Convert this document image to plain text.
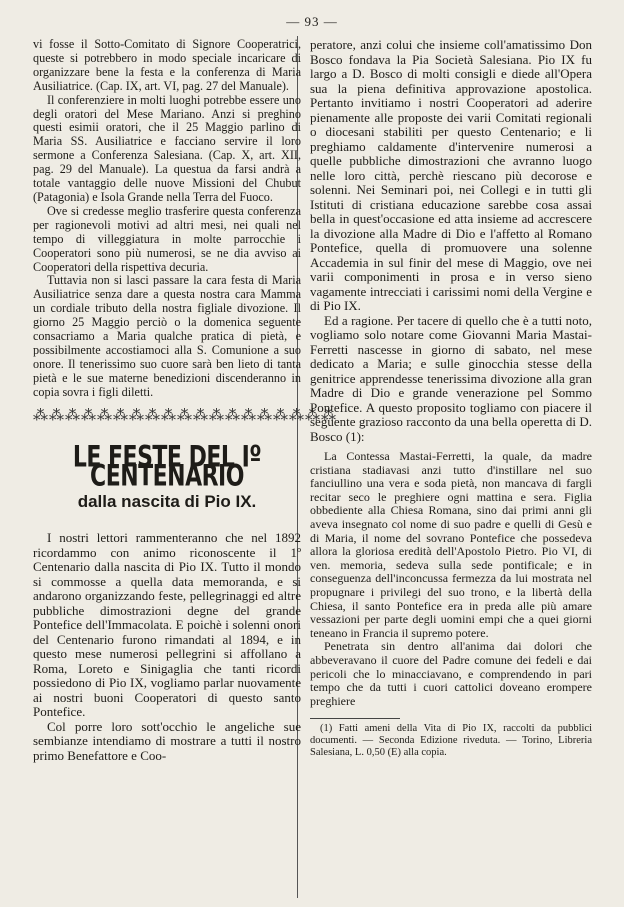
— 93 —

vi fosse il Sotto-Comitato di Signore Cooperatrici, queste si potrebbero in modo speciale incaricare di organizzare bene la festa e la conferenza di Maria Ausiliatrice. (Cap. IX, art. VI, pag. 27 del Manuale).

Il conferenziere in molti luoghi potrebbe essere uno degli oratori del Mese Mariano. Anzi si preghino questi esimii oratori, che il 25 Maggio parlino di Maria SS. Ausiliatrice e facciano servire il loro sermone a Conferenza Salesiana. (Cap. X, art. XII, pag. 29 del Manuale). La questua da farsi andrà a totale vantaggio delle nuove Missioni del Chubut (Patagonia) e Isola Grande nella Terra del Fuoco.

Ove si credesse meglio trasferire questa conferenza per ragionevoli motivi ad altri mesi, nei quali nel tempo di villeggiatura in molte parrocchie i Cooperatori sono più numerosi, se ne dia avviso ai Cooperatori della rispettiva decuria.

Tuttavia non si lasci passare la cara festa di Maria Ausiliatrice senza dare a questa nostra cara Mamma un cordiale tributo della nostra figliale divozione. Il giorno 25 Maggio perciò o la domenica seguente consacriamo a Maria qualche pratica di pietà, e possibilmente accostiamoci alla S. Comunione a suo onore. Il tenerissimo suo cuore sarà ben lieto di tanta pietà e le sue materne benedizioni discenderanno in copia sovra i figli diletti.

⁂⁂⁂⁂⁂⁂⁂⁂⁂⁂⁂⁂⁂⁂⁂⁂⁂⁂⁂
LE FESTE DEL Iº CENTENARIO
dalla nascita di Pio IX.

I nostri lettori rammenteranno che nel 1892 ricordammo con animo riconoscente il 1º Centenario dalla nascita di Pio IX. Tutto il mondo si commosse a quella data memoranda, e si andarono organizzando feste, pellegrinaggi ed altre pubbliche dimostrazioni degne del grande Pontefice dell'Immacolata. E poichè i solenni onori del Centenario furono rimandati al 1894, e in questo mese numerosi pellegrini si affollano a Roma, Loreto e Sinigaglia che tanti ricordi possiedono di Pio IX, vogliamo parlar nuovamente ai nostri buoni Cooperatori di questo santo Pontefice.

Col porre loro sott'occhio le angeliche sue sembianze intendiamo di mostrare a tutti il nostro primo Benefattore e Coo-

peratore, anzi colui che insieme coll'amatissimo Don Bosco fondava la Pia Società Salesiana. Pio IX fu largo a D. Bosco di molti consigli e diede all'Opera sua la piena definitiva approvazione apostolica. Pertanto invitiamo i nostri Cooperatori ad aderire pienamente alle proposte dei varii Comitati regionali o diocesani stabiliti per questo Centenario; e li preghiamo caldamente d'intervenire numerosi a quelle pubbliche dimostrazioni che avranno luogo nelle loro città, perchè riescano più decorose e solenni. Nei Seminari poi, nei Collegi e in tutti gli Istituti di cristiana educazione sarebbe cosa assai bella in quest'occasione ed atta insieme ad accrescere la divozione alla Madre di Dio e l'affetto al Romano Pontefice, quella di promuovere una solenne Accademia in sul finir del mese di Maggio, ove nei varii componimenti in prosa e in verso sieno vagamente intrecciati i carissimi nomi della Vergine e di Pio IX.

Ed a ragione. Per tacere di quello che è a tutti noto, vogliamo solo notare come Giovanni Maria Mastai-Ferretti nascesse in giorno di sabato, nel mese dedicato a Maria; e sulle ginocchia stesse della genitrice apprendesse tenerissima divozione alla gran Madre di Dio e grande venerazione pel Sommo Pontefice. A questo proposito togliamo con piacere il seguente grazioso racconto da una bella operetta di D. Bosco (1):

La Contessa Mastai-Ferretti, la quale, da madre cristiana stadiavasi anzi tutto d'instillare nel suo fanciullino una vera e soda pietà, non mancava di fargli recitar seco le preghiere ogni mattina e sera. Figlia obbediente alla Chiesa Romana, sino dai primi anni gli aveva insegnato col nome di suo padre e quelli di Gesù e di Maria, il nome del sovrano Pontefice che possedeva allora la gloriosa eredità dell'Apostolo Pietro. Pio VI, di ven. memoria, sedeva sulla sede pontificale; e in conseguenza dell'inconcussa fermezza da lui mostrata nel propugnare i privilegi del suo trono, e la libertà della Chiesa, il santo Pontefice era in preda alle più amare vessazioni per parte degli uomini empi che a quei giorni teneano in Francia il supremo potere.

Penetrata sin dentro all'anima dai dolori che abbeveravano il cuore del Padre comune dei fedeli e dai pericoli che lo minacciavano, e comprendendo in pari tempo che da tutti i cuori cattolici doveano erompere preghiere

(1) Fatti ameni della Vita di Pio IX, raccolti da pubblici documenti. — Seconda Edizione riveduta. — Torino, Libreria Salesiana, L. 0,50 (E) alla copia.
